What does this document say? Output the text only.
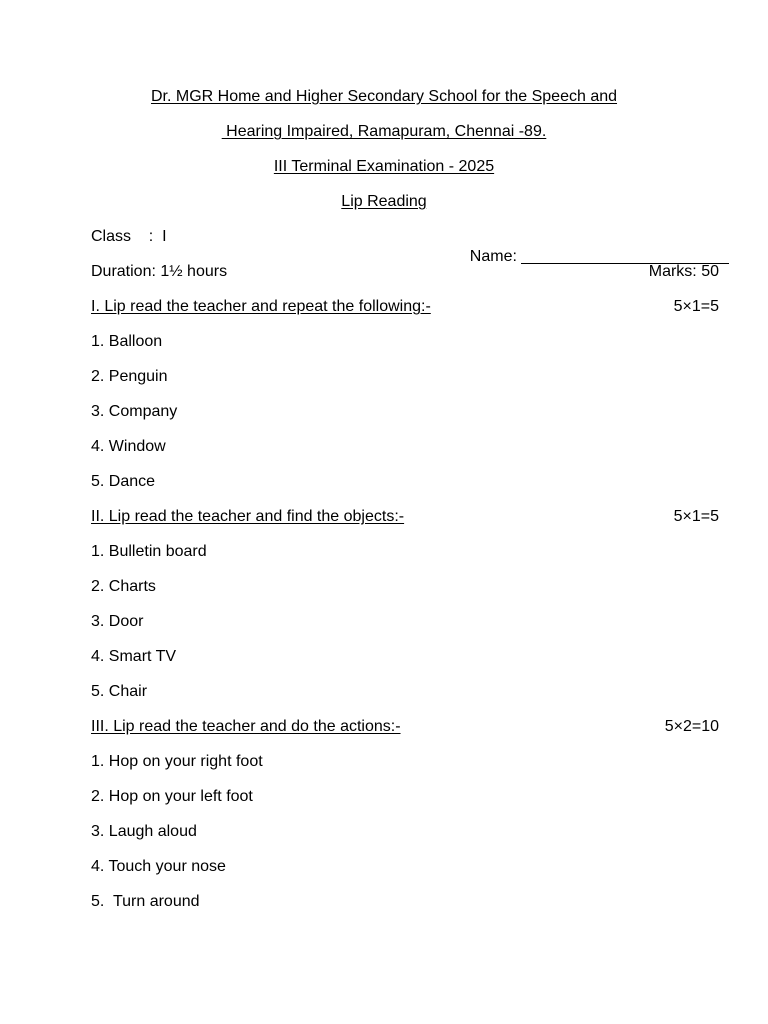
Dr. MGR Home and Higher Secondary School for the Speech and
Hearing Impaired, Ramapuram, Chennai -89.
III Terminal Examination - 2025
Lip Reading
Class    :  I

Name:

Duration: 1½ hours	Marks: 50
I. Lip read the teacher and repeat the following:-	5×1=5
1. Balloon
2. Penguin
3. Company
4. Window
5. Dance
II. Lip read the teacher and find the objects:-	5×1=5
1. Bulletin board
2. Charts
3. Door
4. Smart TV
5. Chair
III. Lip read the teacher and do the actions:-	5×2=10
1. Hop on your right foot
2. Hop on your left foot
3. Laugh aloud
4. Touch your nose
5.  Turn around
